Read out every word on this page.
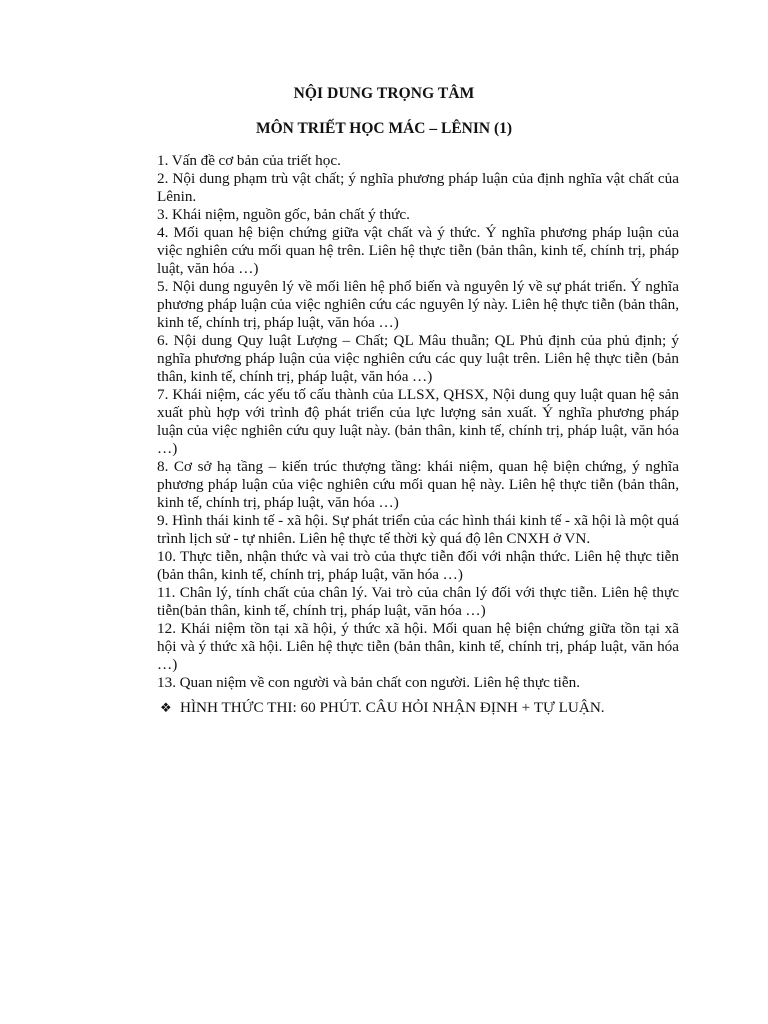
NỘI DUNG TRỌNG TÂM
MÔN TRIẾT HỌC MÁC – LÊNIN (1)
1. Vấn đề cơ bản của triết học.
2. Nội dung phạm trù vật chất; ý nghĩa phương pháp luận của định nghĩa vật chất của Lênin.
3. Khái niệm, nguồn gốc, bản chất ý thức.
4. Mối quan hệ biện chứng giữa vật chất và ý thức. Ý nghĩa phương pháp luận của việc nghiên cứu mối quan hệ trên. Liên hệ thực tiễn (bản thân, kinh tế, chính trị, pháp luật, văn hóa …)
5. Nội dung nguyên lý về mối liên hệ phổ biến và nguyên lý về sự phát triển. Ý nghĩa phương pháp luận của việc nghiên cứu các nguyên lý này. Liên hệ thực tiễn (bản thân, kinh tế, chính trị, pháp luật, văn hóa …)
6. Nội dung Quy luật Lượng – Chất; QL Mâu thuẫn; QL Phủ định của phủ định; ý nghĩa phương pháp luận của việc nghiên cứu các quy luật trên. Liên hệ thực tiễn (bản thân, kinh tế, chính trị, pháp luật, văn hóa …)
7. Khái niệm, các yếu tố cấu thành của LLSX, QHSX, Nội dung quy luật quan hệ sản xuất phù hợp với trình độ phát triển của lực lượng sản xuất. Ý nghĩa phương pháp luận của việc nghiên cứu quy luật này. (bản thân, kinh tế, chính trị, pháp luật, văn hóa …)
8. Cơ sở hạ tầng – kiến trúc thượng tầng: khái niệm, quan hệ biện chứng, ý nghĩa phương pháp luận của việc nghiên cứu mối quan hệ này. Liên hệ thực tiễn (bản thân, kinh tế, chính trị, pháp luật, văn hóa …)
9. Hình thái kinh tế - xã hội. Sự phát triển của các hình thái kinh tế - xã hội là một quá trình lịch sử - tự nhiên. Liên hệ thực tế thời kỳ quá độ lên CNXH ở VN.
10. Thực tiễn, nhận thức và vai trò của thực tiễn đối với nhận thức. Liên hệ thực tiễn (bản thân, kinh tế, chính trị, pháp luật, văn hóa …)
11. Chân lý, tính chất của chân lý. Vai trò của chân lý đối với thực tiễn. Liên hệ thực tiễn(bản thân, kinh tế, chính trị, pháp luật, văn hóa …)
12. Khái niệm tồn tại xã hội, ý thức xã hội. Mối quan hệ biện chứng giữa tồn tại xã hội và ý thức xã hội. Liên hệ thực tiễn (bản thân, kinh tế, chính trị, pháp luật, văn hóa …)
13. Quan niệm về con người và bản chất con người. Liên hệ thực tiễn.
❖ HÌNH THỨC THI: 60 PHÚT. CÂU HỎI NHẬN ĐỊNH + TỰ LUẬN.
